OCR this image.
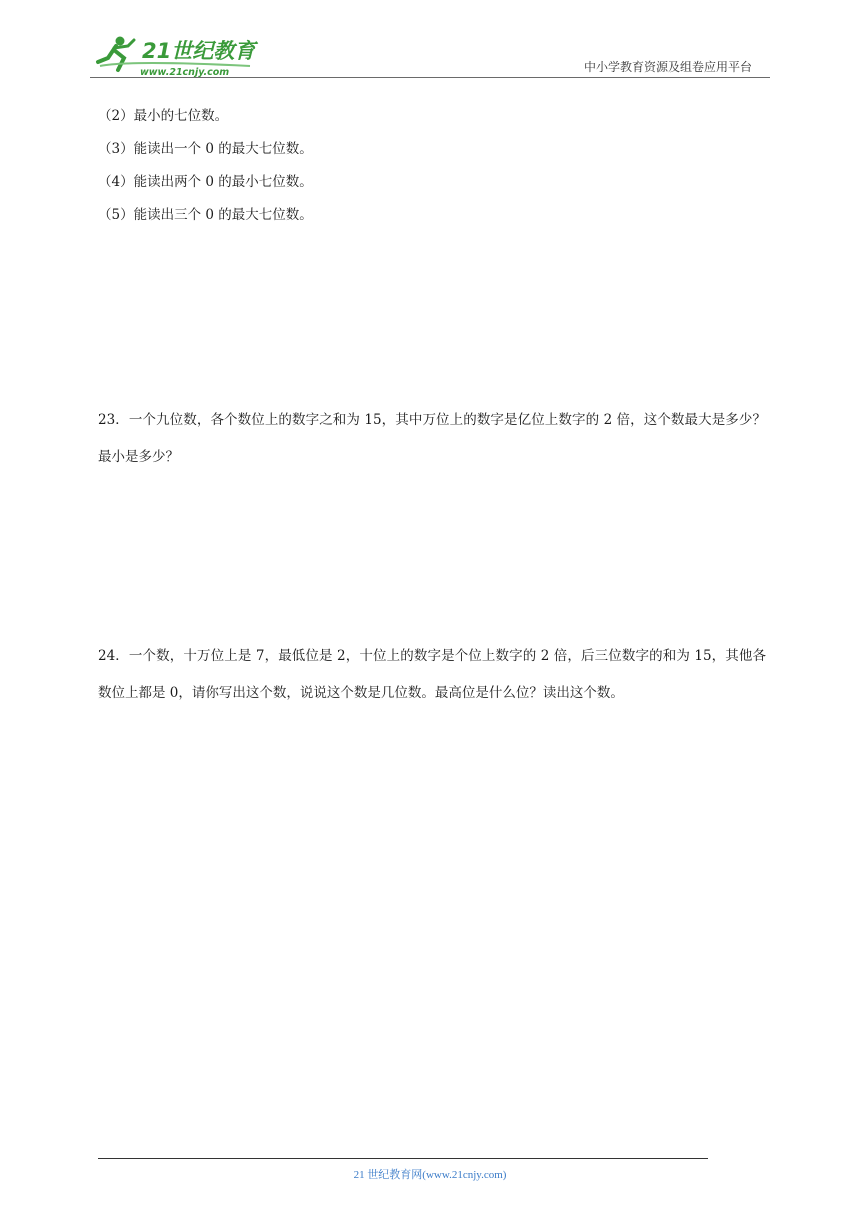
21世纪教育
www.21cnjy.com	中小学教育资源及组卷应用平台
（2）最小的七位数。
（3）能读出一个 0 的最大七位数。
（4）能读出两个 0 的最小七位数。
（5）能读出三个 0 的最大七位数。
23．一个九位数，各个数位上的数字之和为 15，其中万位上的数字是亿位上数字的 2 倍，这个数最大是多少？最小是多少？
24．一个数，十万位上是 7，最低位是 2，十位上的数字是个位上数字的 2 倍，后三位数字的和为 15，其他各数位上都是 0，请你写出这个数，说说这个数是几位数。最高位是什么位？读出这个数。
21 世纪教育网(www.21cnjy.com)
